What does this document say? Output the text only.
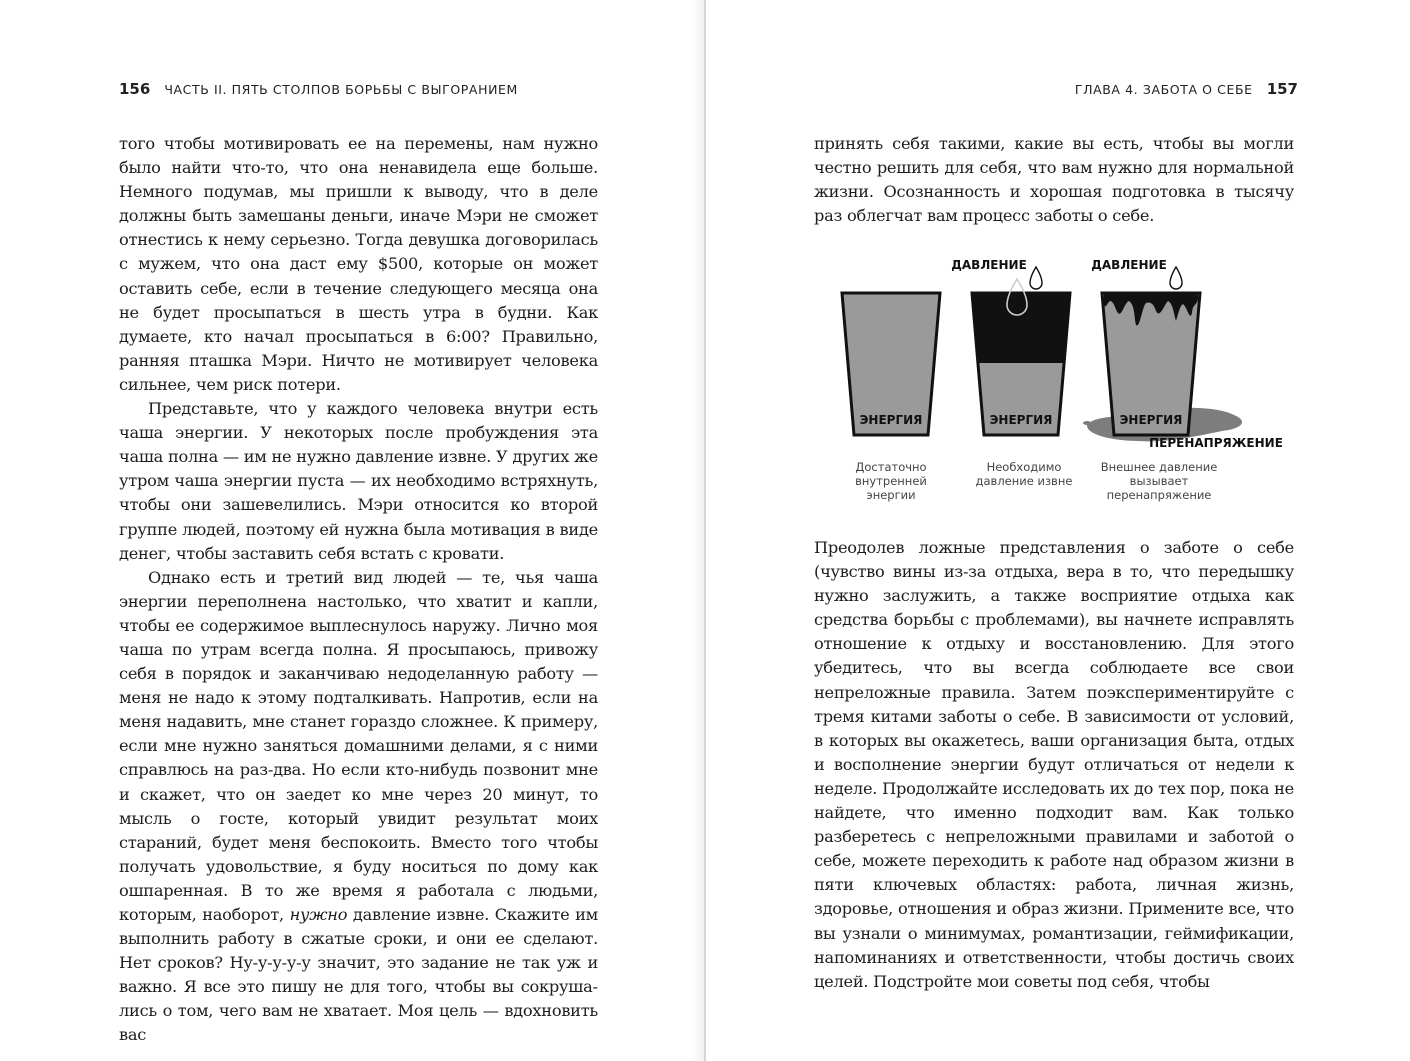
156 ЧАСТЬ II. ПЯТЬ СТОЛПОВ БОРЬБЫ С ВЫГОРАНИЕМ

того чтобы мотивировать ее на перемены, нам нужно было найти что-то, что она ненавидела еще больше. Немного подумав, мы пришли к выводу, что в деле должны быть замешаны деньги, иначе Мэри не сможет отнестись к нему серьезно. Тогда девушка договорилась с мужем, что она даст ему $500, которые он может оставить себе, если в течение следующего месяца она не будет просыпаться в шесть утра в будни. Как думаете, кто начал просыпаться в 6:00? Правильно, ранняя пташка Мэри. Ничто не мотивирует человека сильнее, чем риск потери.

Представьте, что у каждого человека внутри есть чаша энергии. У некоторых после пробуждения эта чаша полна — им не нужно давление извне. У других же утром чаша энергии пуста — их необходимо встряхнуть, чтобы они зашевелились. Мэри относится ко второй группе людей, поэтому ей нужна была мотивация в виде денег, чтобы заставить себя встать с кровати.

Однако есть и третий вид людей — те, чья чаша энергии переполнена настолько, что хватит и капли, чтобы ее содержимое выплеснулось наружу. Лично моя чаша по утрам всегда полна. Я просыпаюсь, привожу себя в порядок и заканчиваю недоделанную работу — меня не надо к этому подталкивать. Напротив, если на меня надавить, мне станет гораздо сложнее. К примеру, если мне нужно заняться домашними делами, я с ними справлюсь на раз-два. Но если кто-нибудь позвонит мне и скажет, что он заедет ко мне через 20 минут, то мысль о госте, который увидит результат моих стараний, будет меня беспокоить. Вместо того чтобы получать удовольствие, я буду носиться по дому как ошпаренная. В то же время я работала с людьми, которым, наоборот, нужно давление извне. Скажите им выполнить работу в сжатые сроки, и они ее сделают. Нет сроков? Ну-у-у-у-у значит, это задание не так уж и важно. Я все это пишу не для того, чтобы вы сокрушались о том, чего вам не хватает. Моя цель — вдохновить вас

ГЛАВА 4. ЗАБОТА О СЕБЕ 157

принять себя такими, какие вы есть, чтобы вы могли честно решить для себя, что вам нужно для нормальной жизни. Осознанность и хорошая подготовка в тысячу раз облегчат вам процесс заботы о себе.

ЭНЕРГИЯ
Достаточно
внутренней
энергии
ЭНЕРГИЯ
ДАВЛЕНИЕ
Необходимо
давление извне
ЭНЕРГИЯ
ДАВЛЕНИЕ
ПЕРЕНАПРЯЖЕНИЕ
Внешнее давление
вызывает
перенапряжение

Преодолев ложные представления о заботе о себе (чувство вины из-за отдыха, вера в то, что передышку нужно заслужить, а также восприятие отдыха как средства борьбы с проблемами), вы начнете исправлять отношение к отдыху и восстановлению. Для этого убедитесь, что вы всегда соблюдаете все свои непреложные правила. Затем поэкспериментируйте с тремя китами заботы о себе. В зависимости от условий, в которых вы окажетесь, ваши организация быта, отдых и восполнение энергии будут отличаться от недели к неделе. Продолжайте исследовать их до тех пор, пока не найдете, что именно подходит вам. Как только разберетесь с непреложными правилами и заботой о себе, можете переходить к работе над образом жизни в пяти ключевых областях: работа, личная жизнь, здоровье, отношения и образ жизни. Примените все, что вы узнали о минимумах, романтизации, геймификации, напоминаниях и ответственности, чтобы достичь своих целей. Подстройте мои советы под себя, чтобы
